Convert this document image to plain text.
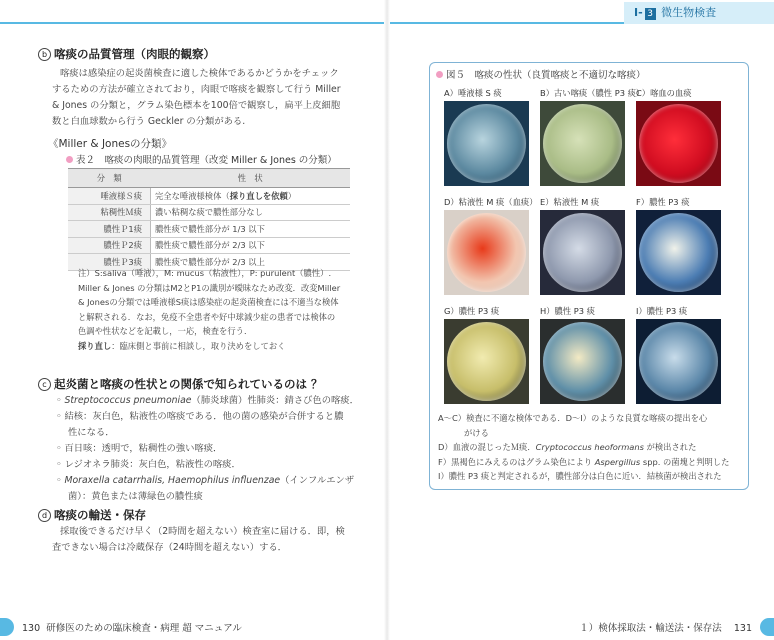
Ⅰ- 3 微生物検査
b 喀痰の品質管理（肉眼的観察）
喀痰は感染症の起炎菌検査に適した検体であるかどうかをチェック
するための方法が確立されており，肉眼で喀痰を観察して行う Miller
& Jones の分類と，グラム染色標本を100倍で観察し，扁平上皮細胞
数と白血球数から行う Geckler の分類がある.
《Miller & Jonesの分類》
表２　喀痰の肉眼的品質管理（改変 Miller & Jones の分類）
分　類	性　状
唾液様Ｓ痰	完全な唾液様検体（採り直しを依頼）
粘稠性Ｍ痰	濃い粘稠な痰で膿性部分なし
膿性Ｐ1痰	膿性痰で膿性部分が 1/3 以下
膿性Ｐ2痰	膿性痰で膿性部分が 2/3 以下
膿性Ｐ3痰	膿性痰で膿性部分が 2/3 以上
注）S:saliva（唾液），M: mucus（粘液性），P: purulent（膿性）.
Miller & Jones の分類はM2とP1の識別が曖昧なため改変．改変Miller
& Jonesの分類では唾液様S痰は感染症の起炎菌検査には不適当な検体
と解釈される．なお，免疫不全患者や好中球減少症の患者では検体の
色調や性状などを記載し，一応，検査を行う．
採り直し：臨床側と事前に相談し，取り決めをしておく
c 起炎菌と喀痰の性状との関係で知られているのは ？
◦ Streptococcus pneumoniae（肺炎球菌）性肺炎：錆さび色の喀痰．
◦ 結核：灰白色，粘液性の喀痰である．他の菌の感染が合併すると膿
性になる．
◦ 百日咳：透明で，粘稠性の強い喀痰．
◦ レジオネラ肺炎：灰白色，粘液性の喀痰．
◦ Moraxella catarrhalis, Haemophilus influenzae（インフルエンザ
菌）：黄色または薄緑色の膿性痰
d 喀痰の輸送・保存
採取後できるだけ早く（2時間を超えない）検査室に届ける．即，検
査できない場合は冷蔵保存（24時間を超えない）する．
図５　喀痰の性状（良質喀痰と不適切な喀痰）
A）唾液様 S 痰	B）古い喀痰（膿性 P3 痰）
C）喀血の血痰
D）粘液性 M 痰（血痰） E）粘液性 M 痰	F）膿性 P3 痰
G）膿性 P3 痰	H）膿性 P3 痰	I）膿性 P3 痰
A～C）検査に不適な検体である．D～I）のような良質な喀痰の提出を心
がける
D）血液の混じったＭ痰．Cryptococcus heoformans が検出された
F）黒褐色にみえるのはグラム染色により Aspergillus spp. の菌塊と判明した
I）膿性 P3 痰と判定されるが，膿性部分は白色に近い．結核菌が検出された
130 研修医のための臨床検査・病理 超 マニュアル	１）検体採取法・輸送法・保存法 131
